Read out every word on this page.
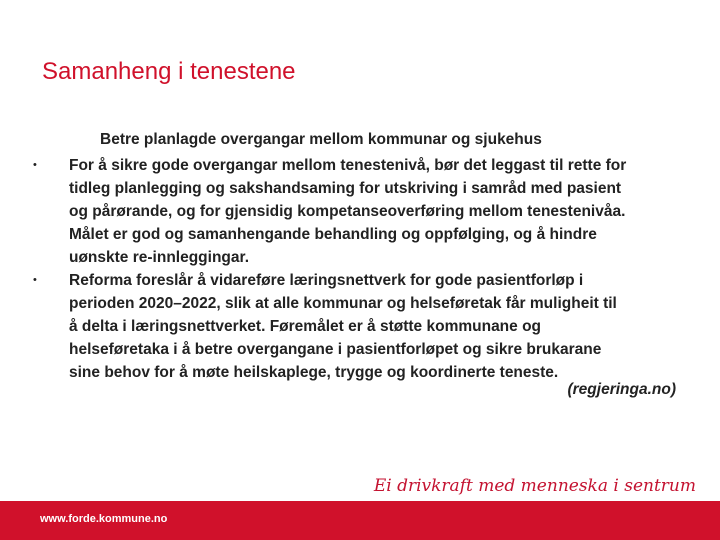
Samanheng i tenestene
Betre planlagde overgangar mellom kommunar og sjukehus
• For å sikre gode overgangar mellom tenestenivå, bør det leggast til rette for
tidleg planlegging og sakshandsaming for utskriving i samråd med pasient
og pårørande, og for gjensidig kompetanseoverføring mellom tenestenivåa.
Målet er god og samanhengande behandling og oppfølging, og å hindre
uønskte re-innleggingar.
• Reforma foreslår å vidareføre læringsnettverk for gode pasientforløp i
perioden 2020–2022, slik at alle kommunar og helseføretak får muligheit til
å delta i læringsnettverket. Føremålet er å støtte kommunane og
helseføretaka i å betre overgangane i pasientforløpet og sikre brukarane
sine behov for å møte heilskaplege, trygge og koordinerte teneste.
(regjeringa.no)
Ei drivkraft med menneska i sentrum
www.forde.kommune.no
